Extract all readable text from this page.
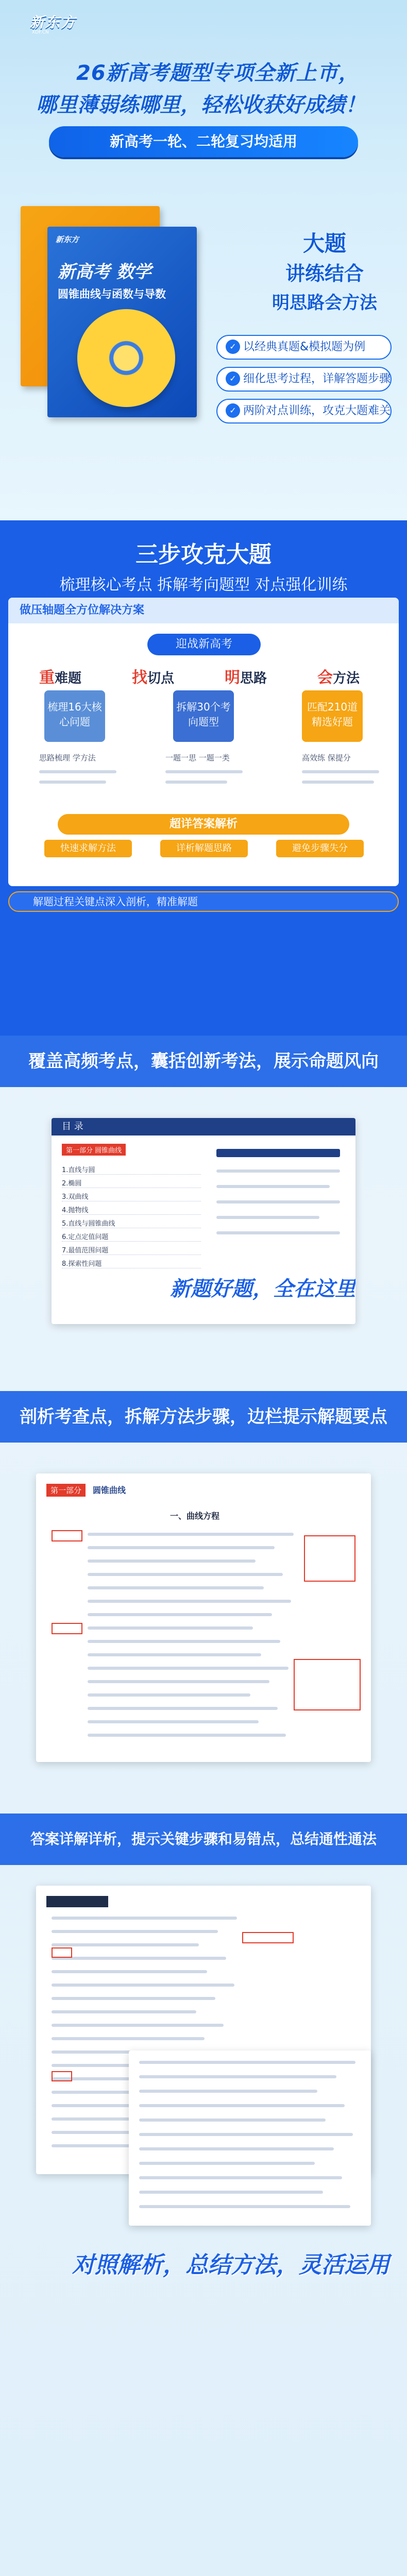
新东方
XDF.CN
26新高考题型专项全新上市，
哪里薄弱练哪里，轻松收获好成绩！
新高考一轮、二轮复习均适用
新东方
新高考 数学
圆锥曲线与函数与导数
大题
讲练结合
明思路会方法
✓ 以经典真题&模拟题为例
✓ 细化思考过程，详解答题步骤
✓ 两阶对点训练，攻克大题难关
三步攻克大题
梳理核心考点 拆解考向题型 对点强化训练
做压轴题全方位解决方案
迎战新高考
重难题	找切点	明思路	会方法
梳理16大核心问题
拆解30个考向题型
匹配210道精选好题
思路梳理 学方法	一题一思 一题一类	高效练 保提分
超详答案解析
快速求解方法	详析解题思路	避免步骤失分
解题过程关键点深入剖析，精准解题
覆盖高频考点，囊括创新考法，展示命题风向
目 录
第一部分 圆锥曲线
1.直线与圆
2.椭圆
3.双曲线
4.抛物线
5.直线与圆锥曲线
6.定点定值问题
7.最值范围问题
8.探索性问题
新题好题，全在这里
剖析考查点，拆解方法步骤，边栏提示解题要点
第一部分	圆锥曲线
一、曲线方程
答案详解详析，提示关键步骤和易错点，总结通性通法
对照解析，总结方法，灵活运用
